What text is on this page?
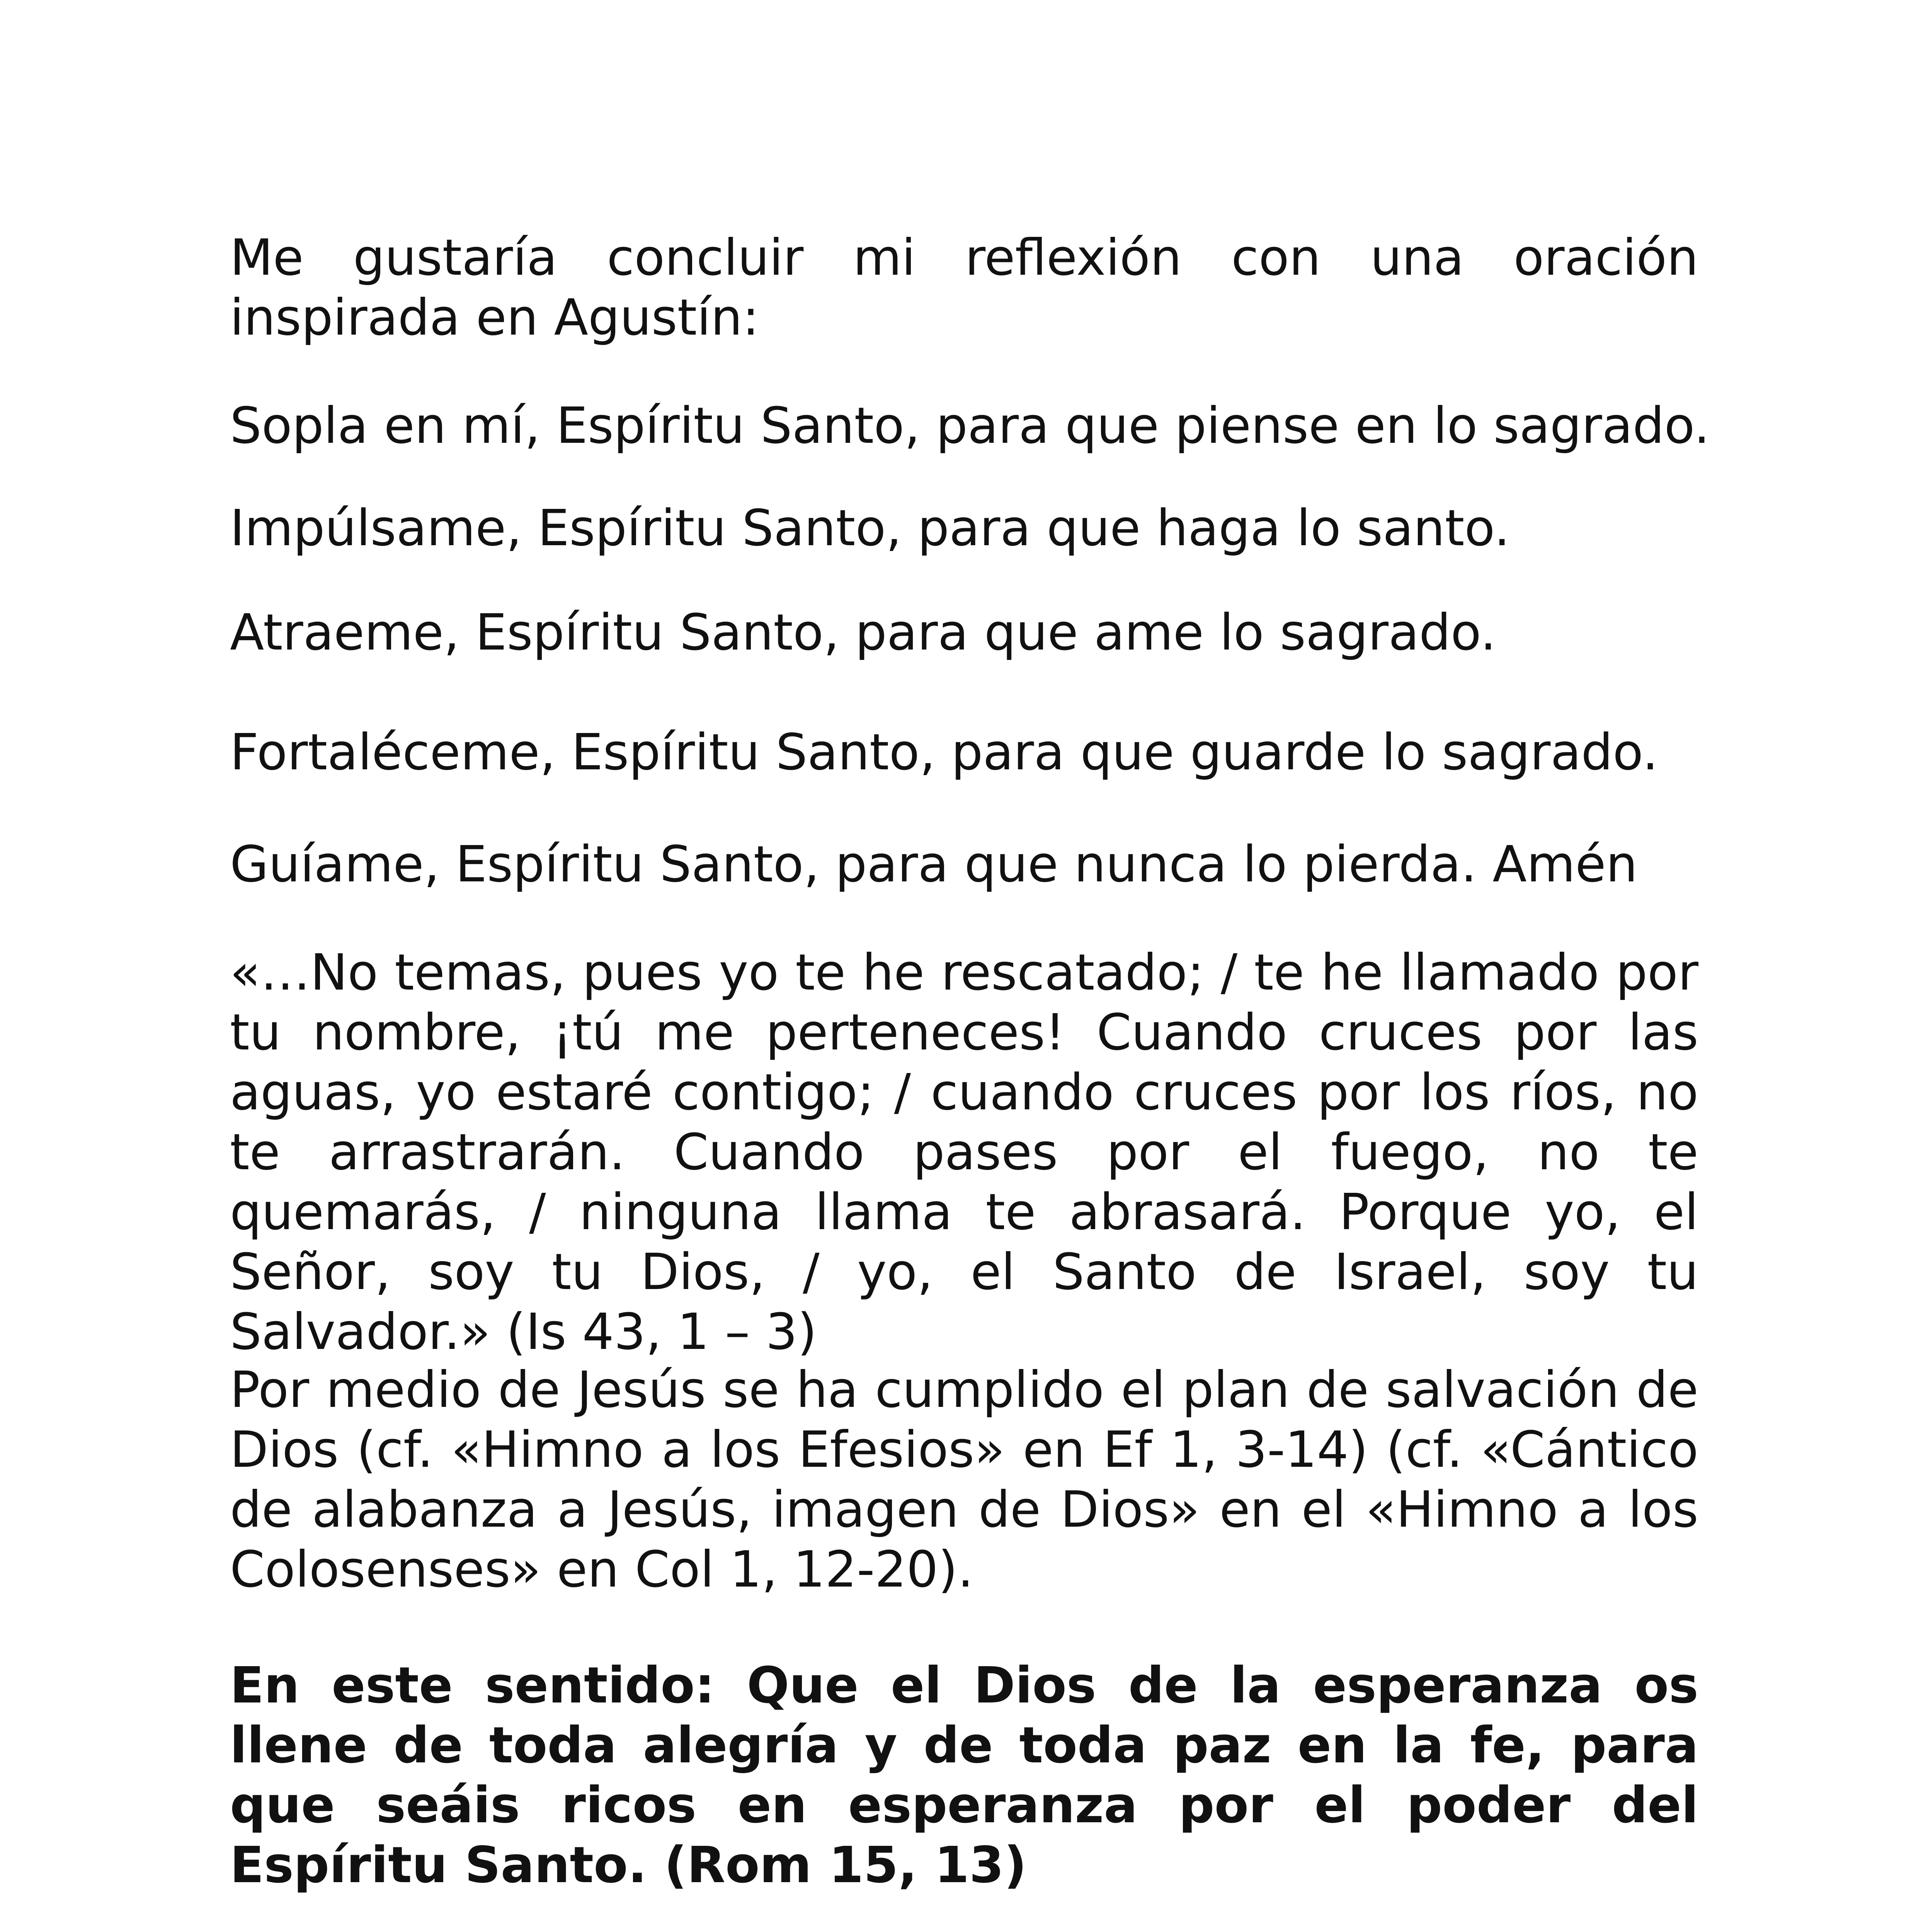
Me gustaría concluir mi reflexión con una oración inspirada en Agustín:

Sopla en mí, Espíritu Santo, para que piense en lo sagrado.

Impúlsame, Espíritu Santo, para que haga lo santo.

Atraeme, Espíritu Santo, para que ame lo sagrado.

Fortaléceme, Espíritu Santo, para que guarde lo sagrado.

Guíame, Espíritu Santo, para que nunca lo pierda. Amén

«…No temas, pues yo te he rescatado; / te he llamado por tu nombre, ¡tú me perteneces! Cuando cruces por las aguas, yo estaré contigo; / cuando cruces por los ríos, no te arrastrarán. Cuando pases por el fuego, no te quemarás, / ninguna llama te abrasará. Porque yo, el Señor, soy tu Dios, / yo, el Santo de Israel, soy tu Salvador.» (Is 43, 1 – 3)

Por medio de Jesús se ha cumplido el plan de salvación de Dios (cf. «Himno a los Efesios» en Ef 1, 3-14) (cf. «Cántico de alabanza a Jesús, imagen de Dios» en el «Himno a los Colosenses» en Col 1, 12-20).

En este sentido: Que el Dios de la esperanza os llene de toda alegría y de toda paz en la fe, para que seáis ricos en esperanza por el poder del Espíritu Santo. (Rom 15, 13)
